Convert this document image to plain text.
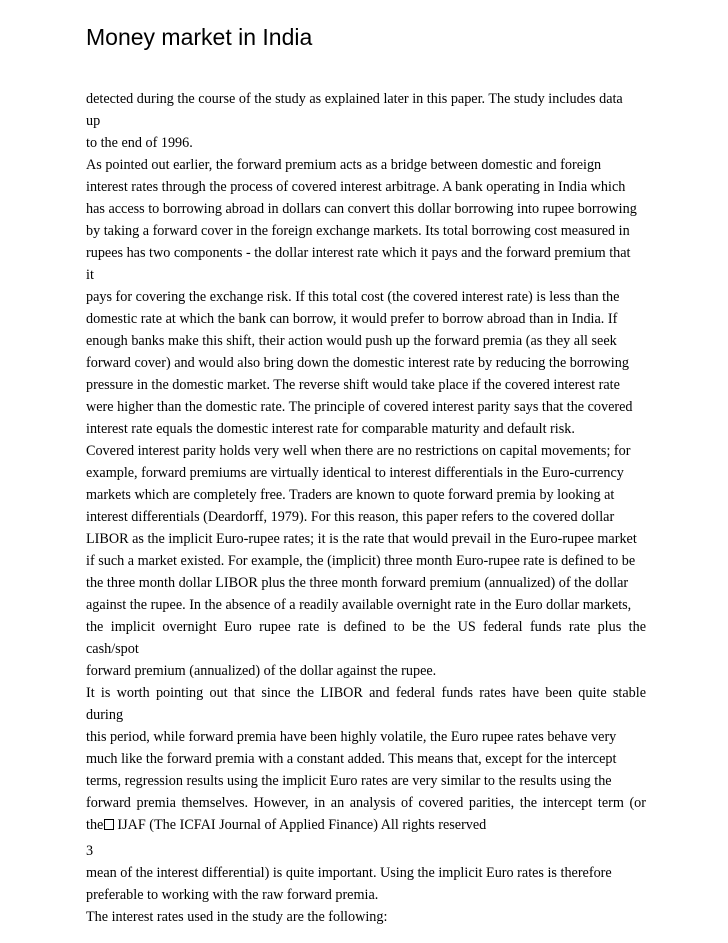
Money market in India
detected during the course of the study as explained later in this paper. The study includes data
up
to the end of 1996.
As pointed out earlier, the forward premium acts as a bridge between domestic and foreign
interest rates through the process of covered interest arbitrage. A bank operating in India which
has access to borrowing abroad in dollars can convert this dollar borrowing into rupee borrowing
by taking a forward cover in the foreign exchange markets. Its total borrowing cost measured in
rupees has two components - the dollar interest rate which it pays and the forward premium that
it
pays for covering the exchange risk. If this total cost (the covered interest rate) is less than the
domestic rate at which the bank can borrow, it would prefer to borrow abroad than in India. If
enough banks make this shift, their action would push up the forward premia (as they all seek
forward cover) and would also bring down the domestic interest rate by reducing the borrowing
pressure in the domestic market. The reverse shift would take place if the covered interest rate
were higher than the domestic rate. The principle of covered interest parity says that the covered
interest rate equals the domestic interest rate for comparable maturity and default risk.
Covered interest parity holds very well when there are no restrictions on capital movements; for
example, forward premiums are virtually identical to interest differentials in the Euro-currency
markets which are completely free. Traders are known to quote forward premia by looking at
interest differentials (Deardorff, 1979). For this reason, this paper refers to the covered dollar
LIBOR as the implicit Euro-rupee rates; it is the rate that would prevail in the Euro-rupee market
if such a market existed. For example, the (implicit) three month Euro-rupee rate is defined to be
the three month dollar LIBOR plus the three month forward premium (annualized) of the dollar
against the rupee. In the absence of a readily available overnight rate in the Euro dollar markets,
the implicit overnight Euro rupee rate is defined to be the US federal funds rate plus the
cash/spot
forward premium (annualized) of the dollar against the rupee.
It is worth pointing out that since the LIBOR and federal funds rates have been quite stable
during
this period, while forward premia have been highly volatile, the Euro rupee rates behave very
much like the forward premia with a constant added. This means that, except for the intercept
terms, regression results using the implicit Euro rates are very similar to the results using the
forward premia themselves. However, in an analysis of covered parities, the intercept term (or
the IJAF (The ICFAI Journal of Applied Finance) All rights reserved
3
mean of the interest differential) is quite important. Using the implicit Euro rates is therefore
preferable to working with the raw forward premia.
The interest rates used in the study are the following:
